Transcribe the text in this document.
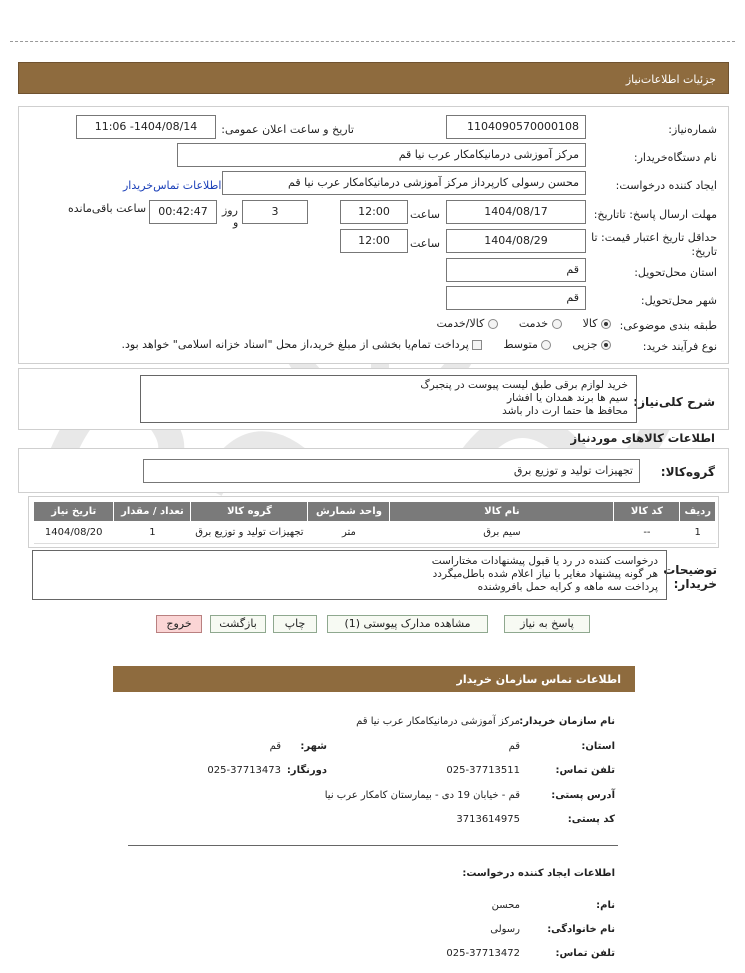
جزئیات اطلاعات‌نیاز
شماره‌نیاز:
1104090570000108
تاریخ و ساعت اعلان عمومی:
1404/08/14- 11:06
نام دستگاه‌خریدار:
مرکز آموزشی درمانیکامکار عرب نیا قم
ایجاد کننده درخواست:
محسن رسولی کارپرداز مرکز آموزشی درمانیکامکار عرب نیا قم
اطلاعات تماس‌خریدار
مهلت ارسال پاسخ: تاتاریخ:
1404/08/17
ساعت
12:00
3
روز
و
00:42:47
ساعت باقی‌مانده
حداقل تاریخ اعتبار قیمت: تا
تاریخ:
1404/08/29
ساعت
12:00
استان محل‌تحویل:
قم
شهر محل‌تحویل:
قم
طبقه بندی موضوعی:
کالا   خدمت   کالا/خدمت
نوع فرآیند خرید:
جزیی   متوسط   پرداخت تمام‌یا بخشی از مبلغ خرید،از محل "اسناد خزانه اسلامی" خواهد بود.
شرح کلی‌نیاز:
خرید لوازم برقی طبق لیست پیوست در پنجبرگ
سیم ها برند همدان یا افشار
محافظ ها حتما ارت دار باشد
اطلاعات کالاهای موردنیاز
گروه‌کالا:
تجهیزات تولید و توزیع برق
ردیف	کد کالا	نام کالا	واحد شمارش	گروه کالا	تعداد / مقدار	تاریخ نیاز
1	--	سیم برق	متر	تجهیزات تولید و توزیع برق	1	1404/08/20
توضیحات
خریدار:
درخواست کننده در رد یا قبول پیشنهادات مختاراست
هر گونه پیشنهاد مغایر با نیاز اعلام شده باطل‌میگردد
پرداخت سه ماهه و کرایه حمل بافروشنده
پاسخ به نیاز
مشاهده مدارک پیوستی (1)
چاپ
بازگشت
خروج
اطلاعات تماس سازمان خریدار
نام سازمان خریدار:
مرکز آموزشی درمانیکامکار عرب نیا قم
استان:
قم
شهر:
قم
تلفن تماس:
025-37713511
دورنگار:
025-37713473
آدرس پستی:
قم - خیابان 19 دی - بیمارستان کامکار عرب نیا
کد پستی:
3713614975
اطلاعات ایجاد کننده درخواست:
نام:
محسن
نام خانوادگی:
رسولی
تلفن تماس:
025-37713472
